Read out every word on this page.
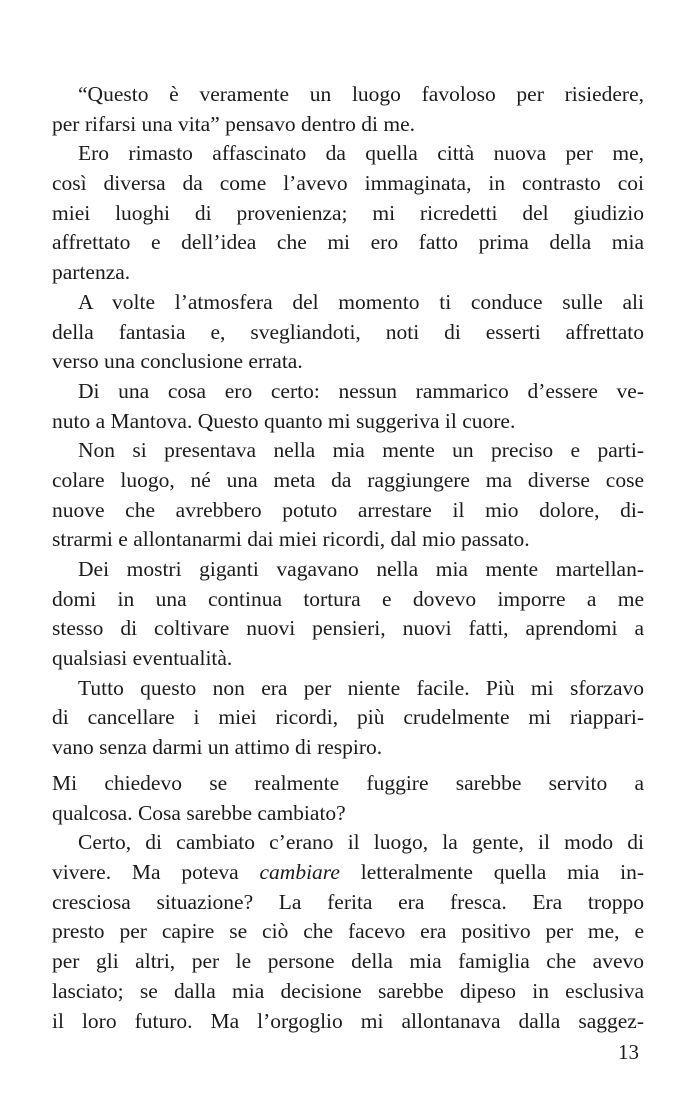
“Questo è veramente un luogo favoloso per risiedere,
per rifarsi una vita” pensavo dentro di me.
Ero rimasto affascinato da quella città nuova per me,
così diversa da come l’avevo immaginata, in contrasto coi
miei luoghi di provenienza; mi ricredetti del giudizio
affrettato e dell’idea che mi ero fatto prima della mia
partenza.
A volte l’atmosfera del momento ti conduce sulle ali
della fantasia e, svegliandoti, noti di esserti affrettato
verso una conclusione errata.
Di una cosa ero certo: nessun rammarico d’essere ve-
nuto a Mantova. Questo quanto mi suggeriva il cuore.
Non si presentava nella mia mente un preciso e parti-
colare luogo, né una meta da raggiungere ma diverse cose
nuove che avrebbero potuto arrestare il mio dolore, di-
strarmi e allontanarmi dai miei ricordi, dal mio passato.
Dei mostri giganti vagavano nella mia mente martellan-
domi in una continua tortura e dovevo imporre a me
stesso di coltivare nuovi pensieri, nuovi fatti, aprendomi a
qualsiasi eventualità.
Tutto questo non era per niente facile. Più mi sforzavo
di cancellare i miei ricordi, più crudelmente mi riappari-
vano senza darmi un attimo di respiro.
Mi chiedevo se realmente fuggire sarebbe servito a
qualcosa. Cosa sarebbe cambiato?
Certo, di cambiato c’erano il luogo, la gente, il modo di
vivere. Ma poteva cambiare letteralmente quella mia in-
cresciosa situazione? La ferita era fresca. Era troppo
presto per capire se ciò che facevo era positivo per me, e
per gli altri, per le persone della mia famiglia che avevo
lasciato; se dalla mia decisione sarebbe dipeso in esclusiva
il loro futuro. Ma l’orgoglio mi allontanava dalla saggez-
13
